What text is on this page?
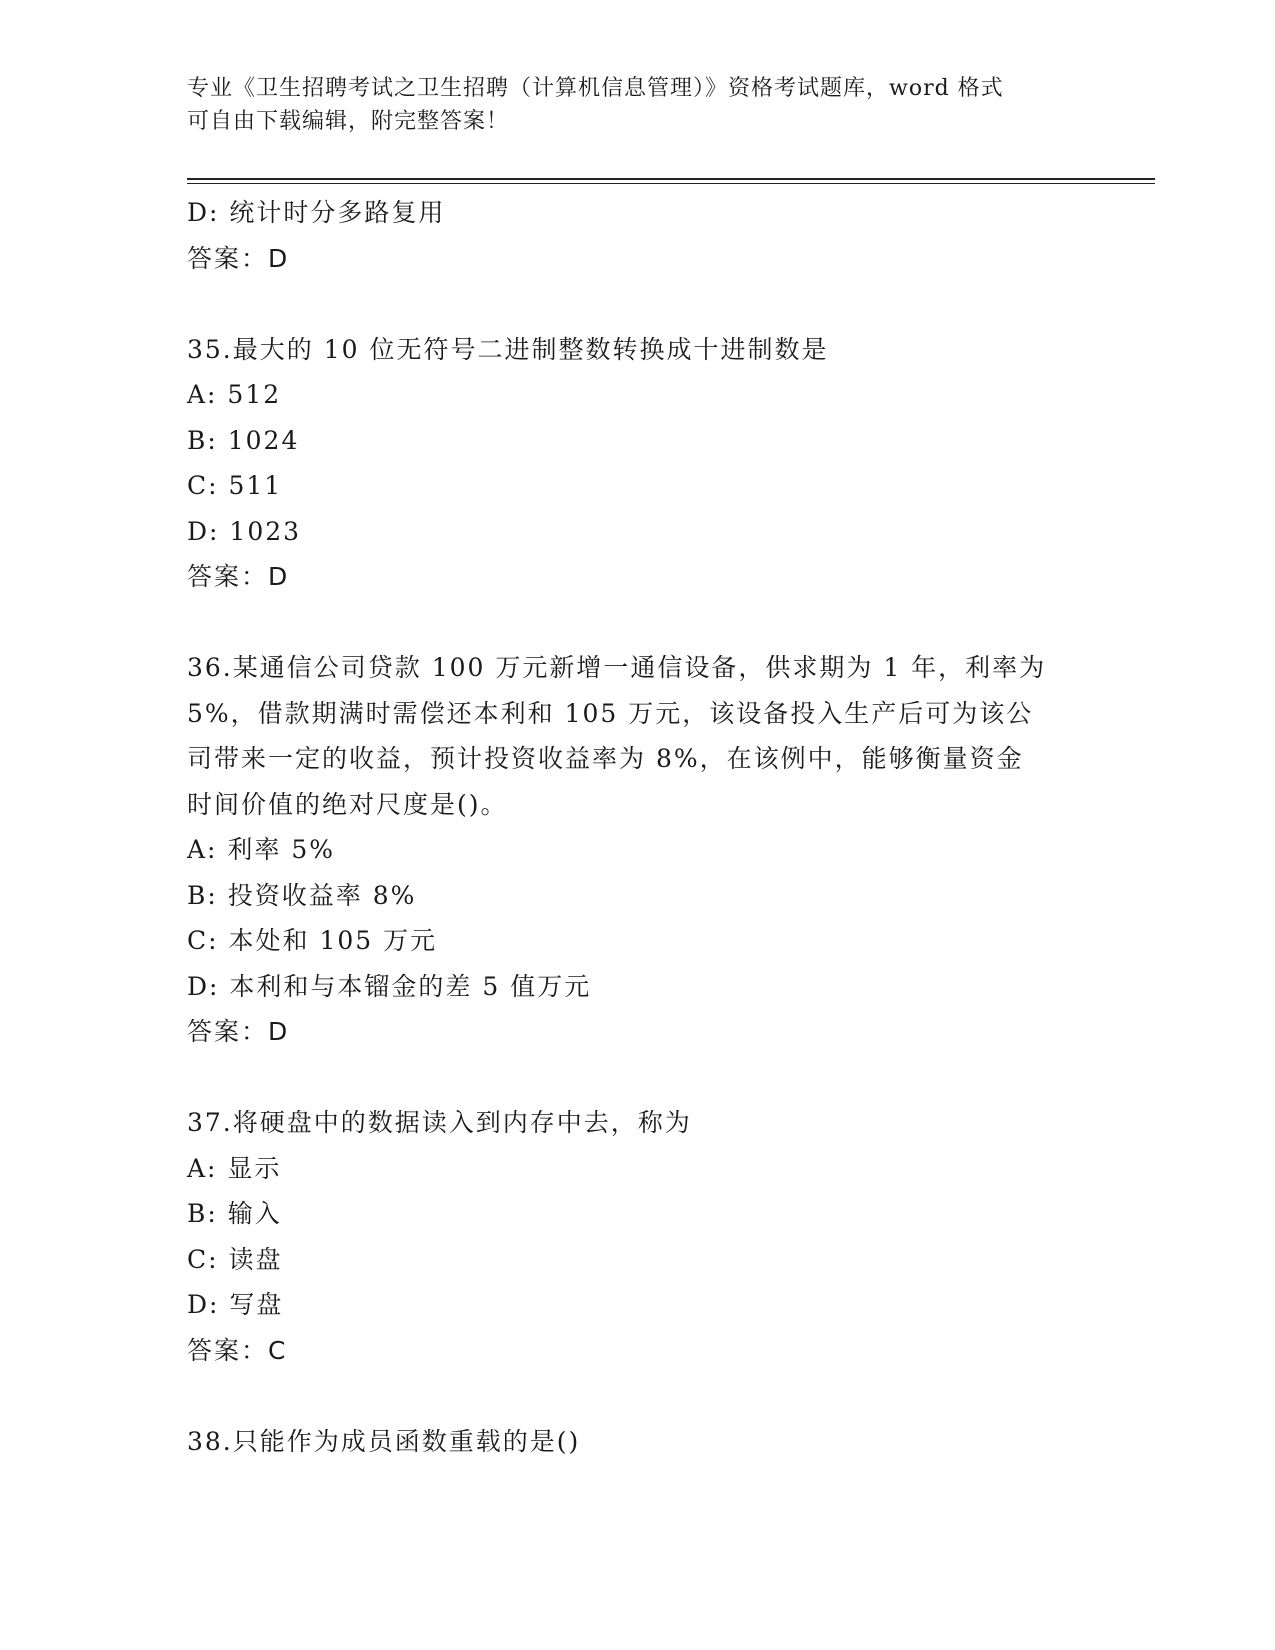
专业《卫生招聘考试之卫生招聘（计算机信息管理）》资格考试题库，word 格式
可自由下载编辑，附完整答案！
D: 统计时分多路复用
答案：D
35.最大的 10 位无符号二进制整数转换成十进制数是
A: 512
B: 1024
C: 511
D: 1023
答案：D
36.某通信公司贷款 100 万元新增一通信设备，供求期为 1 年，利率为
5%，借款期满时需偿还本利和 105 万元，该设备投入生产后可为该公
司带来一定的收益，预计投资收益率为 8%，在该例中，能够衡量资金
时间价值的绝对尺度是()。
A: 利率 5%
B: 投资收益率 8%
C: 本处和 105 万元
D: 本利和与本镏金的差 5 值万元
答案：D
37.将硬盘中的数据读入到内存中去，称为
A: 显示
B: 输入
C: 读盘
D: 写盘
答案：C
38.只能作为成员函数重载的是()
